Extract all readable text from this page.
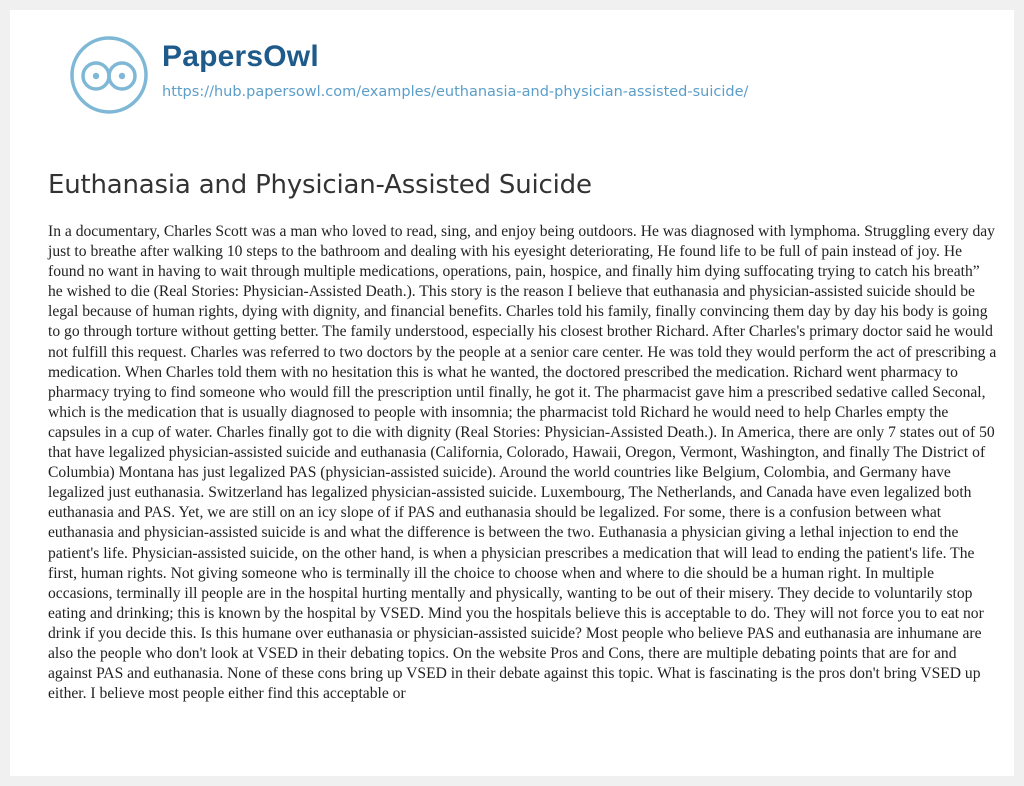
PapersOwl
https://hub.papersowl.com/examples/euthanasia-and-physician-assisted-suicide/
Euthanasia and Physician-Assisted Suicide

In a documentary, Charles Scott was a man who loved to read, sing, and enjoy being outdoors. He was diagnosed with lymphoma. Struggling every day just to breathe after walking 10 steps to the bathroom and dealing with his eyesight deteriorating, He found life to be full of pain instead of joy. He found no want in having to wait through multiple medications, operations, pain, hospice, and finally him dying suffocating trying to catch his breath” he wished to die (Real Stories: Physician-Assisted Death.). This story is the reason I believe that euthanasia and physician-assisted suicide should be legal because of human rights, dying with dignity, and financial benefits. Charles told his family, finally convincing them day by day his body is going to go through torture without getting better. The family understood, especially his closest brother Richard. After Charles's primary doctor said he would not fulfill this request. Charles was referred to two doctors by the people at a senior care center. He was told they would perform the act of prescribing a medication. When Charles told them with no hesitation this is what he wanted, the doctored prescribed the medication. Richard went pharmacy to pharmacy trying to find someone who would fill the prescription until finally, he got it. The pharmacist gave him a prescribed sedative called Seconal, which is the medication that is usually diagnosed to people with insomnia; the pharmacist told Richard he would need to help Charles empty the capsules in a cup of water. Charles finally got to die with dignity (Real Stories: Physician-Assisted Death.). In America, there are only 7 states out of 50 that have legalized physician-assisted suicide and euthanasia (California, Colorado, Hawaii, Oregon, Vermont, Washington, and finally The District of Columbia) Montana has just legalized PAS (physician-assisted suicide). Around the world countries like Belgium, Colombia, and Germany have legalized just euthanasia. Switzerland has legalized physician-assisted suicide. Luxembourg, The Netherlands, and Canada have even legalized both euthanasia and PAS. Yet, we are still on an icy slope of if PAS and euthanasia should be legalized. For some, there is a confusion between what euthanasia and physician-assisted suicide is and what the difference is between the two. Euthanasia a physician giving a lethal injection to end the patient's life. Physician-assisted suicide, on the other hand, is when a physician prescribes a medication that will lead to ending the patient's life. The first, human rights. Not giving someone who is terminally ill the choice to choose when and where to die should be a human right. In multiple occasions, terminally ill people are in the hospital hurting mentally and physically, wanting to be out of their misery. They decide to voluntarily stop eating and drinking; this is known by the hospital by VSED. Mind you the hospitals believe this is acceptable to do. They will not force you to eat nor drink if you decide this. Is this humane over euthanasia or physician-assisted suicide? Most people who believe PAS and euthanasia are inhumane are also the people who don't look at VSED in their debating topics. On the website Pros and Cons, there are multiple debating points that are for and against PAS and euthanasia. None of these cons bring up VSED in their debate against this topic. What is fascinating is the pros don't bring VSED up either. I believe most people either find this acceptable or
